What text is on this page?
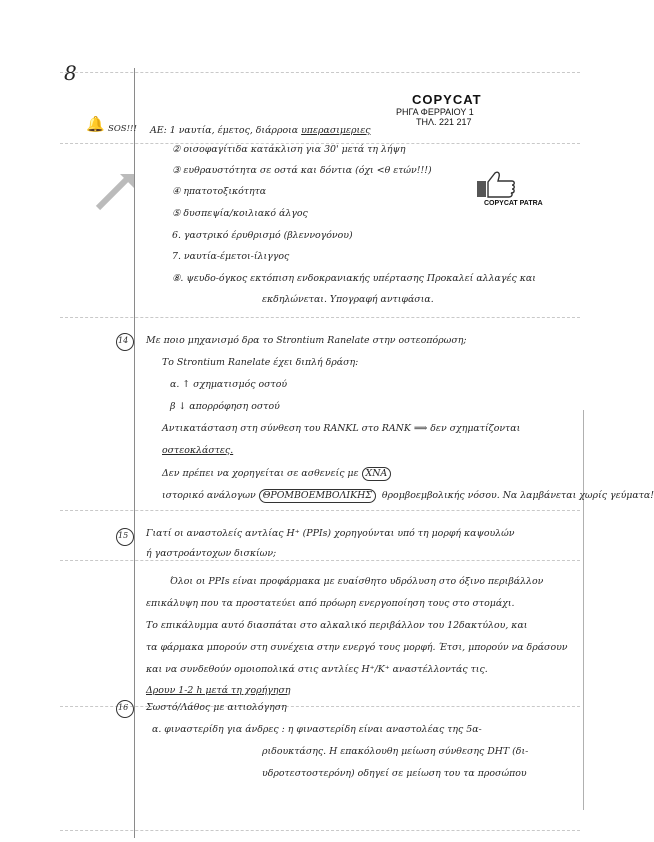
8
🔔 SOS!!!
COPYCAT
ΡΗΓΑ ΦΕΡΡΑΙΟΥ 1
ΤΗΛ. 221 217
COPYCAT PATRA
ΑΕ: 1 ναυτία, έμετος, διάρροια υπερασιμεριες
② οισοφαγίτιδα κατάκλιση για 30' μετά τη λήψη
③ ευθραυστότητα σε οστά και δόντια (όχι <θ ετών!!!)
④ ηπατοτοξικότητα
⑤ δυσπεψία/κοιλιακό άλγος
6. γαστρικό έρυθρισμό (βλεννογόνου)
7. ναυτία-έμετοι-ίλιγγος
⑧. ψευδο-όγκος εκτόπιση ενδοκρανιακής υπέρτασης Προκαλεί αλλαγές και
εκδηλώνεται. Υπογραφή αντιφάσια.
14 Με ποιο μηχανισμό δρα το Strontium Ranelate στην οστεοπόρωση;
Το Strontium Ranelate έχει διπλή δράση:
α. ↑ σχηματισμός οστού
β ↓ απορρόφηση οστού
Αντικατάσταση στη σύνθεση του RANKL στο RANK ⟹ δεν σχηματίζονται
οστεοκλάστες.
Δεν πρέπει να χορηγείται σε ασθενείς με ΧΝΑ
ιστορικό ανάλογων ΘΡΟΜΒΟΕΜΒΟΛΙΚΗΣ θρομβοεμβολικής νόσου. Να λαμβάνεται χωρίς γεύματα!
15 Γιατί οι αναστολείς αντλίας H⁺ (PPIs) χορηγούνται υπό τη μορφή καψουλών
ή γαστροάντοχων δισκίων;
Όλοι οι PPIs είναι προφάρμακα με ευαίσθητο υδρόλυση στο όξινο περιβάλλον
επικάλυψη που τα προστατεύει από πρόωρη ενεργοποίηση τους στο στομάχι.
Το επικάλυμμα αυτό διασπάται στο αλκαλικό περιβάλλον του 12δακτύλου, και
τα φάρμακα μπορούν στη συνέχεια στην ενεργό τους μορφή. Έτσι, μπορούν να δράσουν
και να συνδεθούν ομοιοπολικά στις αντλίες H⁺/K⁺ αναστέλλοντάς τις.
Δρουν 1-2 h μετά τη χορήγηση
16 Σωστό/Λάθος με αιτιολόγηση
α. φιναστερίδη για άνδρες : η φιναστερίδη είναι αναστολέας της 5α-
ριδουκτάσης. Η επακόλουθη μείωση σύνθεσης DHT (δι-
υδροτεστοστερόνη) οδηγεί σε μείωση του τα προσώπου
